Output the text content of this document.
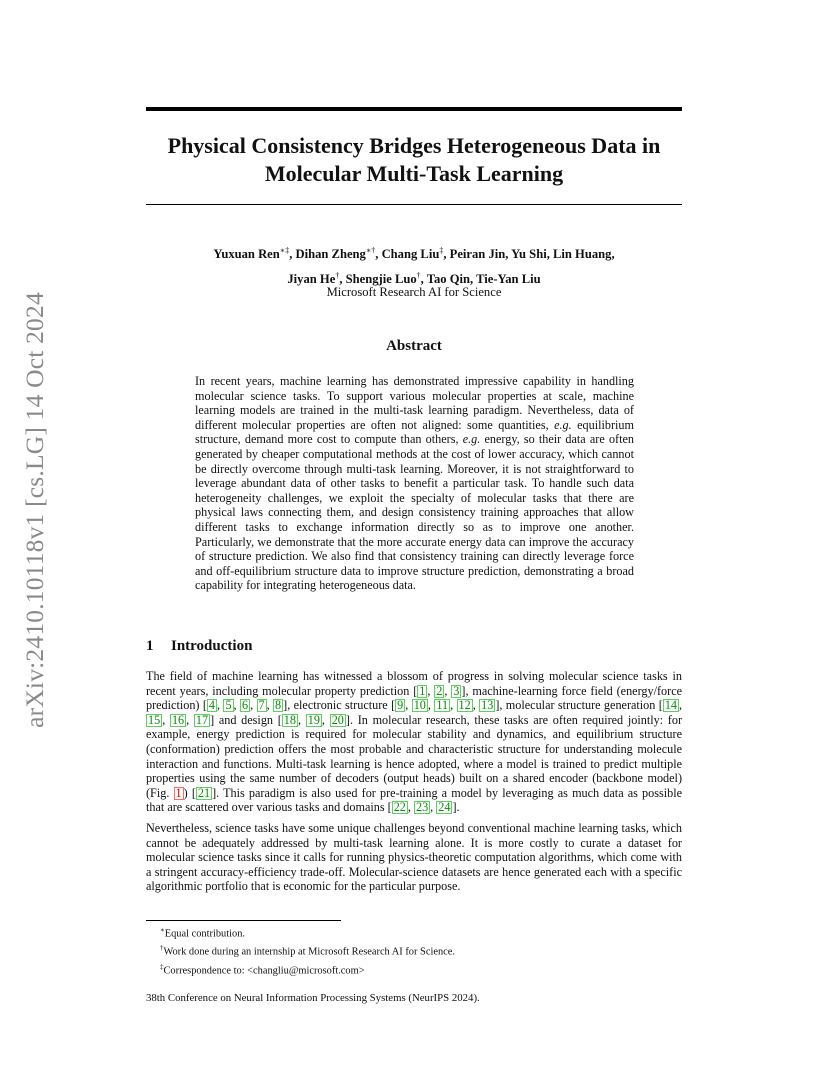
arXiv:2410.10118v1 [cs.LG] 14 Oct 2024
Physical Consistency Bridges Heterogeneous Data in
Molecular Multi-Task Learning
Yuxuan Ren∗‡, Dihan Zheng∗†, Chang Liu‡, Peiran Jin, Yu Shi, Lin Huang,
Jiyan He†, Shengjie Luo†, Tao Qin, Tie-Yan Liu
Microsoft Research AI for Science
Abstract

In recent years, machine learning has demonstrated impressive capability in handling molecular science tasks. To support various molecular properties at scale, machine learning models are trained in the multi-task learning paradigm. Nevertheless, data of different molecular properties are often not aligned: some quantities, e.g. equilibrium structure, demand more cost to compute than others, e.g. energy, so their data are often generated by cheaper computational methods at the cost of lower accuracy, which cannot be directly overcome through multi-task learning. Moreover, it is not straightforward to leverage abundant data of other tasks to benefit a particular task. To handle such data heterogeneity challenges, we exploit the specialty of molecular tasks that there are physical laws connecting them, and design consistency training approaches that allow different tasks to exchange information directly so as to improve one another. Particularly, we demonstrate that the more accurate energy data can improve the accuracy of structure prediction. We also find that consistency training can directly leverage force and off-equilibrium structure data to improve structure prediction, demonstrating a broad capability for integrating heterogeneous data.

1 Introduction

The field of machine learning has witnessed a blossom of progress in solving molecular science tasks in recent years, including molecular property prediction [ 1 , 2 , 3 ], machine-learning force field (energy/force prediction) [ 4 , 5 , 6 , 7 , 8 ], electronic structure [ 9 , 10 , 11 , 12 , 13 ], molecular structure generation [ 14 , 15 , 16 , 17 ] and design [ 18 , 19 , 20 ]. In molecular research, these tasks are often required jointly: for example, energy prediction is required for molecular stability and dynamics, and equilibrium structure (conformation) prediction offers the most probable and characteristic structure for understanding molecule interaction and functions. Multi-task learning is hence adopted, where a model is trained to predict multiple properties using the same number of decoders (output heads) built on a shared encoder (backbone model) (Fig. 1 ) [ 21 ]. This paradigm is also used for pre-training a model by leveraging as much data as possible that are scattered over various tasks and domains [ 22 , 23 , 24 ].

Nevertheless, science tasks have some unique challenges beyond conventional machine learning tasks, which cannot be adequately addressed by multi-task learning alone. It is more costly to curate a dataset for molecular science tasks since it calls for running physics-theoretic computation algorithms, which come with a stringent accuracy-efficiency trade-off. Molecular-science datasets are hence generated each with a specific algorithmic portfolio that is economic for the particular purpose.

∗Equal contribution.
†Work done during an internship at Microsoft Research AI for Science.
‡Correspondence to: <changliu@microsoft.com>
38th Conference on Neural Information Processing Systems (NeurIPS 2024).
